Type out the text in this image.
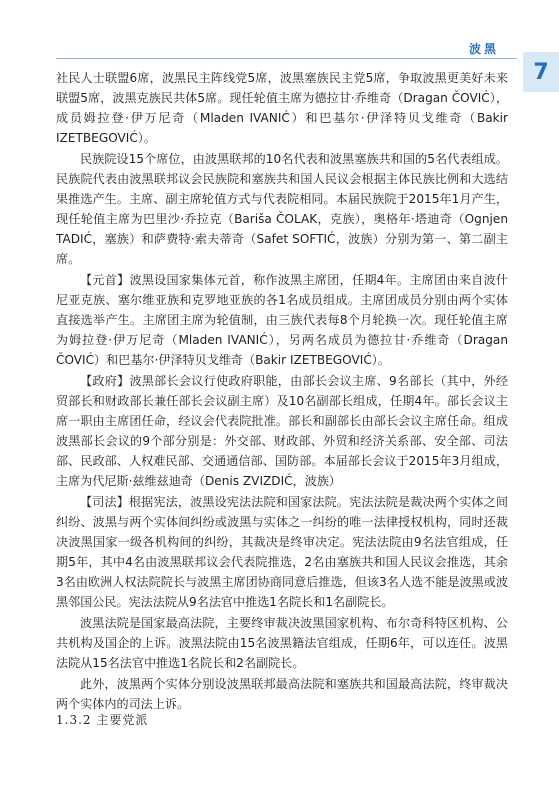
波黑
7

社民人士联盟6席，波黑民主阵线党5席，波黑塞族民主党5席，争取波黑更美好未来联盟5席，波黑克族民共体5席。现任轮值主席为德拉甘·乔维奇（Dragan ČOVIĆ），成员姆拉登·伊万尼奇（Mladen IVANIĆ）和巴基尔·伊泽特贝戈维奇（Bakir IZETBEGOVIĆ）。

民族院设15个席位，由波黑联邦的10名代表和波黑塞族共和国的5名代表组成。民族院代表由波黑联邦议会民族院和塞族共和国人民议会根据主体民族比例和大选结果推选产生。主席、副主席轮值方式与代表院相同。本届民族院于2015年1月产生，现任轮值主席为巴里沙·乔拉克（Bariša ČOLAK，克族），奥格年·塔迪奇（Ognjen TADIĆ，塞族）和萨费特·索夫蒂奇（Safet SOFTIĆ，波族）分别为第一、第二副主席。

【元首】波黑设国家集体元首，称作波黑主席团，任期4年。主席团由来自波什尼亚克族、塞尔维亚族和克罗地亚族的各1名成员组成。主席团成员分别由两个实体直接选举产生。主席团主席为轮值制，由三族代表每8个月轮换一次。现任轮值主席为姆拉登·伊万尼奇（Mladen IVANIĆ），另两名成员为德拉甘·乔维奇（Dragan ČOVIĆ）和巴基尔·伊泽特贝戈维奇（Bakir IZETBEGOVIĆ）。

【政府】波黑部长会议行使政府职能，由部长会议主席、9名部长（其中，外经贸部长和财政部长兼任部长会议副主席）及10名副部长组成，任期4年。部长会议主席一职由主席团任命，经议会代表院批准。部长和副部长由部长会议主席任命。组成波黑部长会议的9个部分别是：外交部、财政部、外贸和经济关系部、安全部、司法部、民政部、人权难民部、交通通信部、国防部。本届部长会议于2015年3月组成，主席为代尼斯·兹维兹迪奇（Denis ZVIZDIĆ，波族）

【司法】根据宪法，波黑设宪法法院和国家法院。宪法法院是裁决两个实体之间纠纷、波黑与两个实体间纠纷或波黑与实体之一纠纷的唯一法律授权机构，同时还裁决波黑国家一级各机构间的纠纷，其裁决是终审决定。宪法法院由9名法官组成，任期5年，其中4名由波黑联邦议会代表院推选，2名由塞族共和国人民议会推选，其余3名由欧洲人权法院院长与波黑主席团协商同意后推选，但该3名人选不能是波黑或波黑邻国公民。宪法法院从9名法官中推选1名院长和1名副院长。

波黑法院是国家最高法院，主要终审裁决波黑国家机构、布尔奇科特区机构、公共机构及国企的上诉。波黑法院由15名波黑籍法官组成，任期6年，可以连任。波黑法院从15名法官中推选1名院长和2名副院长。

此外，波黑两个实体分别设波黑联邦最高法院和塞族共和国最高法院，终审裁决两个实体内的司法上诉。

1.3.2 主要党派
